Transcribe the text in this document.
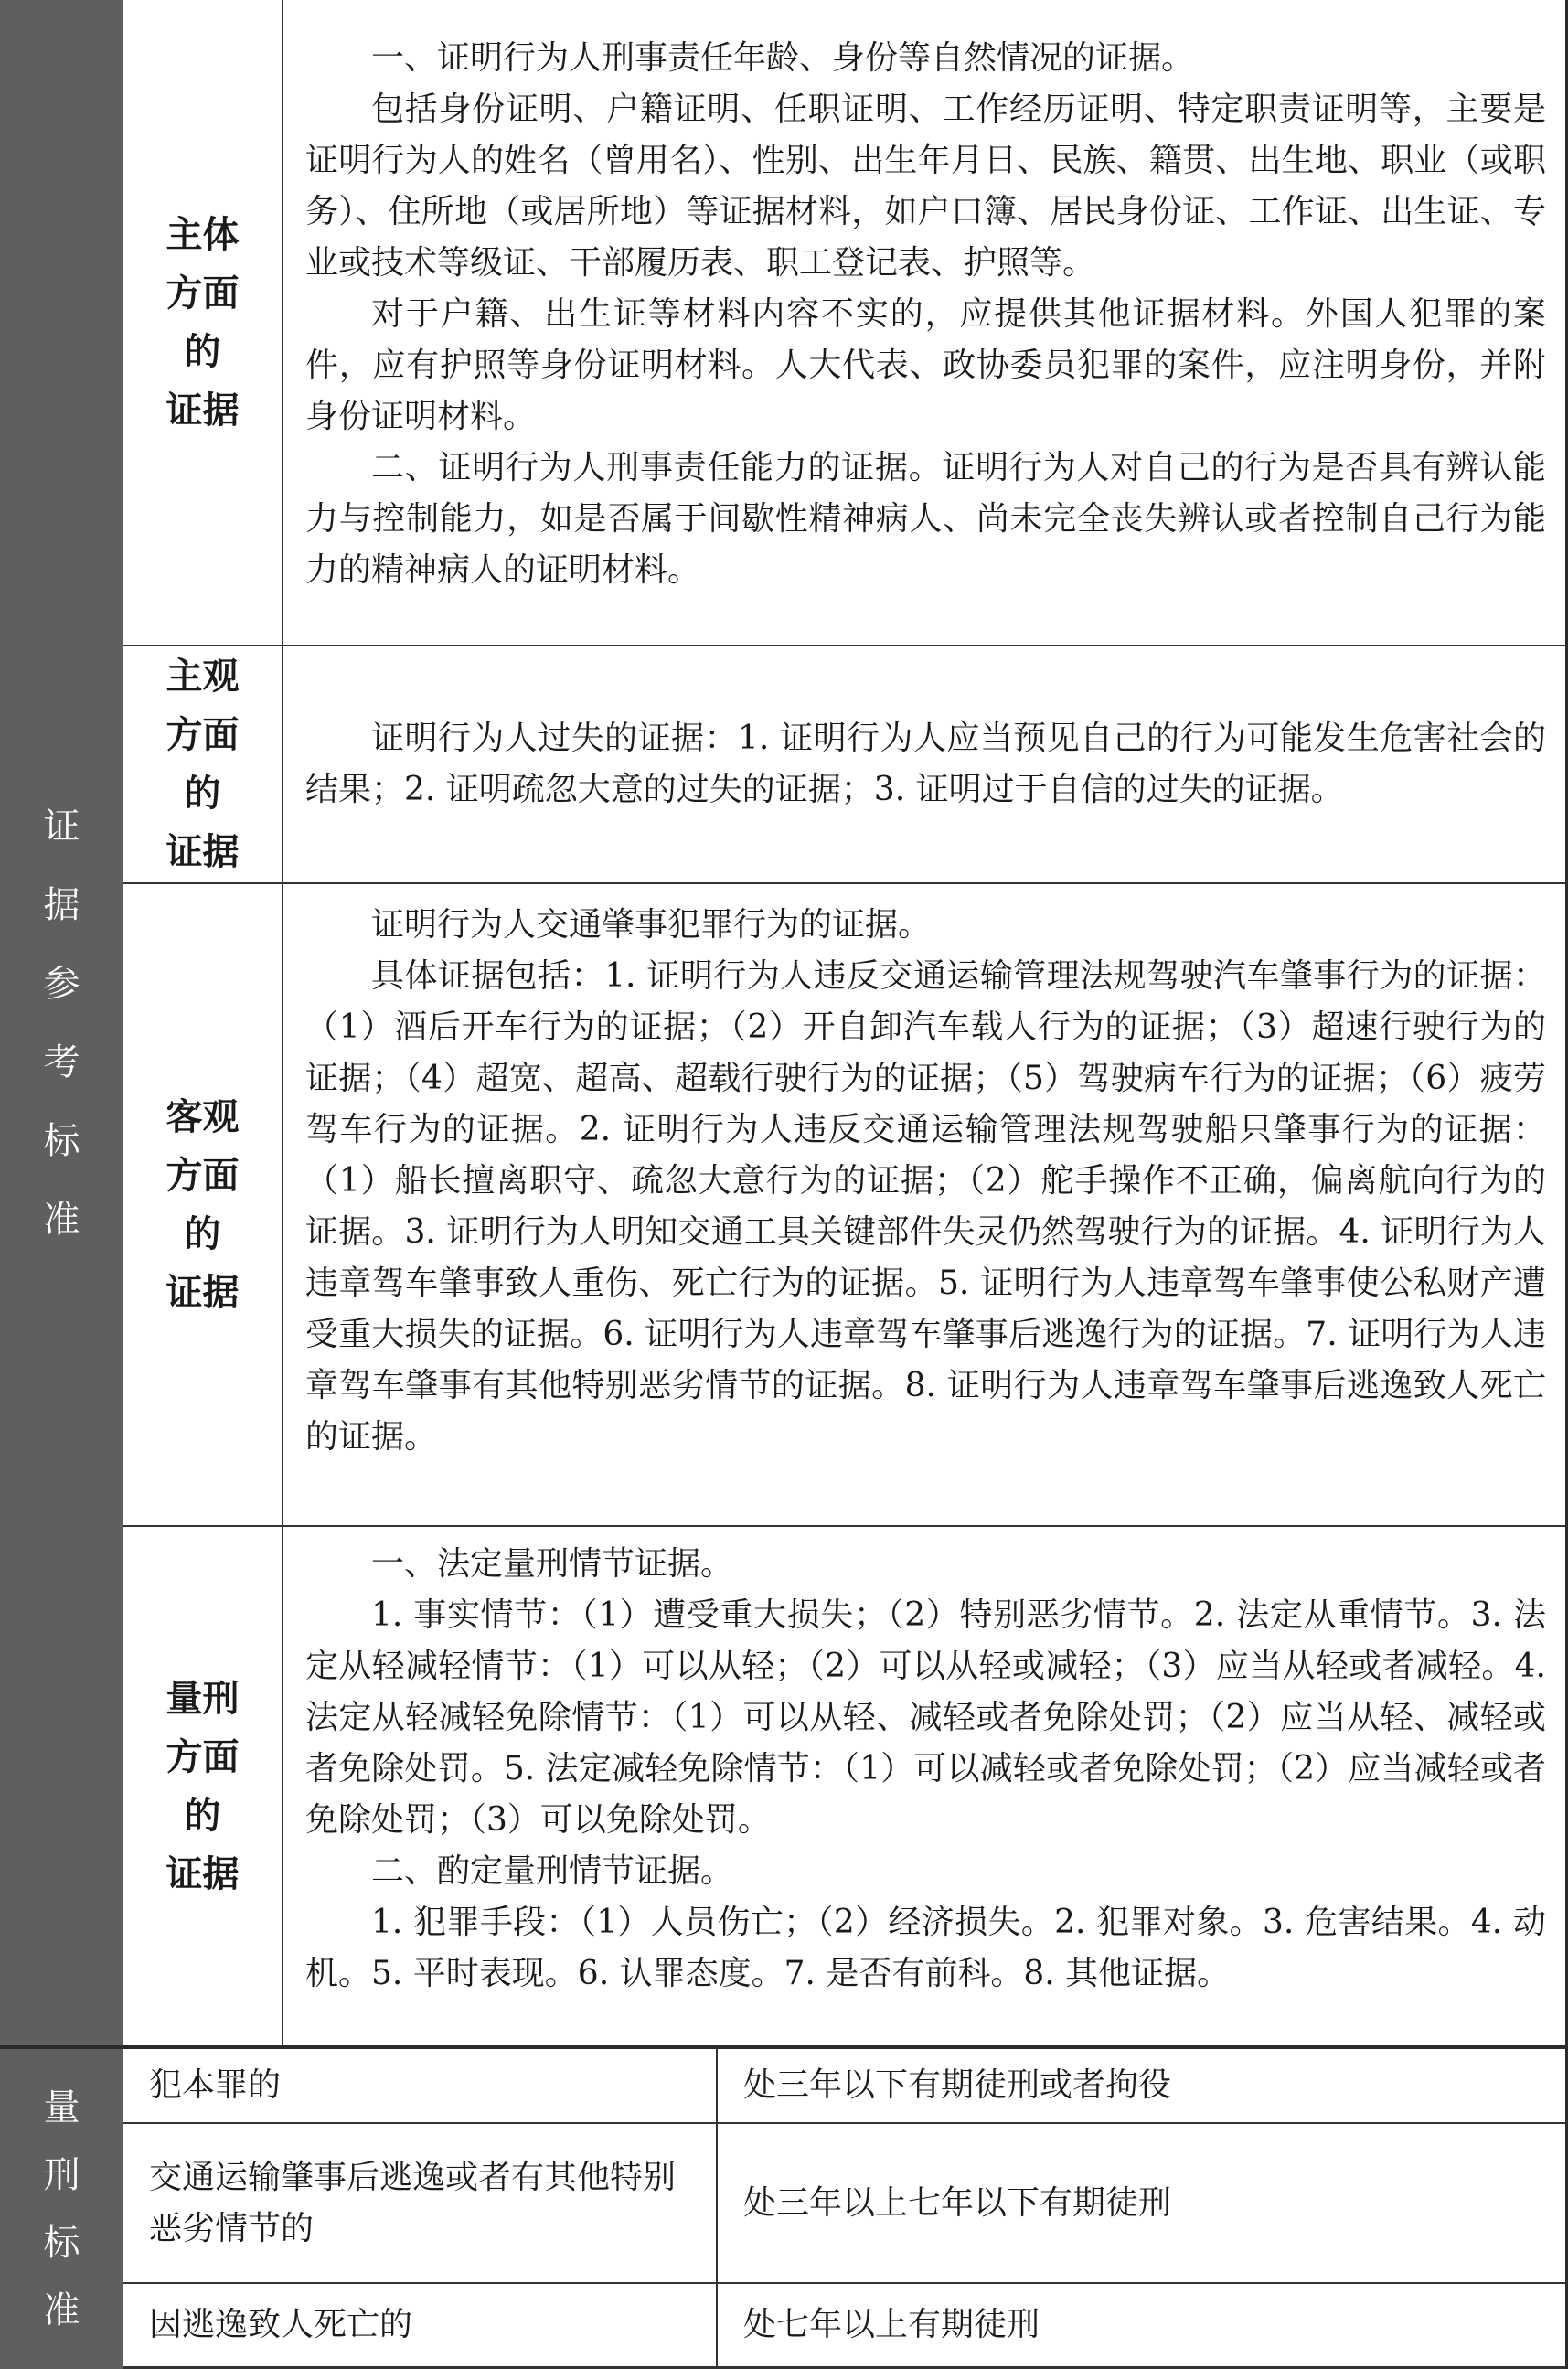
证
据
参
考
标
准
量
刑
标
准
主体
方面
的
证据

一、证明行为人刑事责任年龄、身份等自然情况的证据。

包括身份证明、户籍证明、任职证明、工作经历证明、特定职责证明等，主要是证明行为人的姓名（曾用名）、性别、出生年月日、民族、籍贯、出生地、职业（或职务）、住所地（或居所地）等证据材料，如户口簿、居民身份证、工作证、出生证、专业或技术等级证、干部履历表、职工登记表、护照等。

对于户籍、出生证等材料内容不实的，应提供其他证据材料。外国人犯罪的案件，应有护照等身份证明材料。人大代表、政协委员犯罪的案件，应注明身份，并附身份证明材料。

二、证明行为人刑事责任能力的证据。证明行为人对自己的行为是否具有辨认能力与控制能力，如是否属于间歇性精神病人、尚未完全丧失辨认或者控制自己行为能力的精神病人的证明材料。

主观
方面
的
证据

证明行为人过失的证据：1. 证明行为人应当预见自己的行为可能发生危害社会的结果；2. 证明疏忽大意的过失的证据；3. 证明过于自信的过失的证据。

客观
方面
的
证据

证明行为人交通肇事犯罪行为的证据。

具体证据包括：1. 证明行为人违反交通运输管理法规驾驶汽车肇事行为的证据：（1）酒后开车行为的证据；（2）开自卸汽车载人行为的证据；（3）超速行驶行为的证据；（4）超宽、超高、超载行驶行为的证据；（5）驾驶病车行为的证据；（6）疲劳驾车行为的证据。2. 证明行为人违反交通运输管理法规驾驶船只肇事行为的证据：（1）船长擅离职守、疏忽大意行为的证据；（2）舵手操作不正确，偏离航向行为的证据。3. 证明行为人明知交通工具关键部件失灵仍然驾驶行为的证据。4. 证明行为人违章驾车肇事致人重伤、死亡行为的证据。5. 证明行为人违章驾车肇事使公私财产遭受重大损失的证据。6. 证明行为人违章驾车肇事后逃逸行为的证据。7. 证明行为人违章驾车肇事有其他特别恶劣情节的证据。8. 证明行为人违章驾车肇事后逃逸致人死亡的证据。

量刑
方面
的
证据

一、法定量刑情节证据。

1. 事实情节：（1）遭受重大损失；（2）特别恶劣情节。2. 法定从重情节。3. 法定从轻减轻情节：（1）可以从轻；（2）可以从轻或减轻；（3）应当从轻或者减轻。4. 法定从轻减轻免除情节：（1）可以从轻、减轻或者免除处罚；（2）应当从轻、减轻或者免除处罚。5. 法定减轻免除情节：（1）可以减轻或者免除处罚；（2）应当减轻或者免除处罚；（3）可以免除处罚。

二、酌定量刑情节证据。

1. 犯罪手段：（1）人员伤亡；（2）经济损失。2. 犯罪对象。3. 危害结果。4. 动机。5. 平时表现。6. 认罪态度。7. 是否有前科。8. 其他证据。

犯本罪的	处三年以下有期徒刑或者拘役
交通运输肇事后逃逸或者有其他特别恶劣情节的
处三年以上七年以下有期徒刑
因逃逸致人死亡的	处七年以上有期徒刑
